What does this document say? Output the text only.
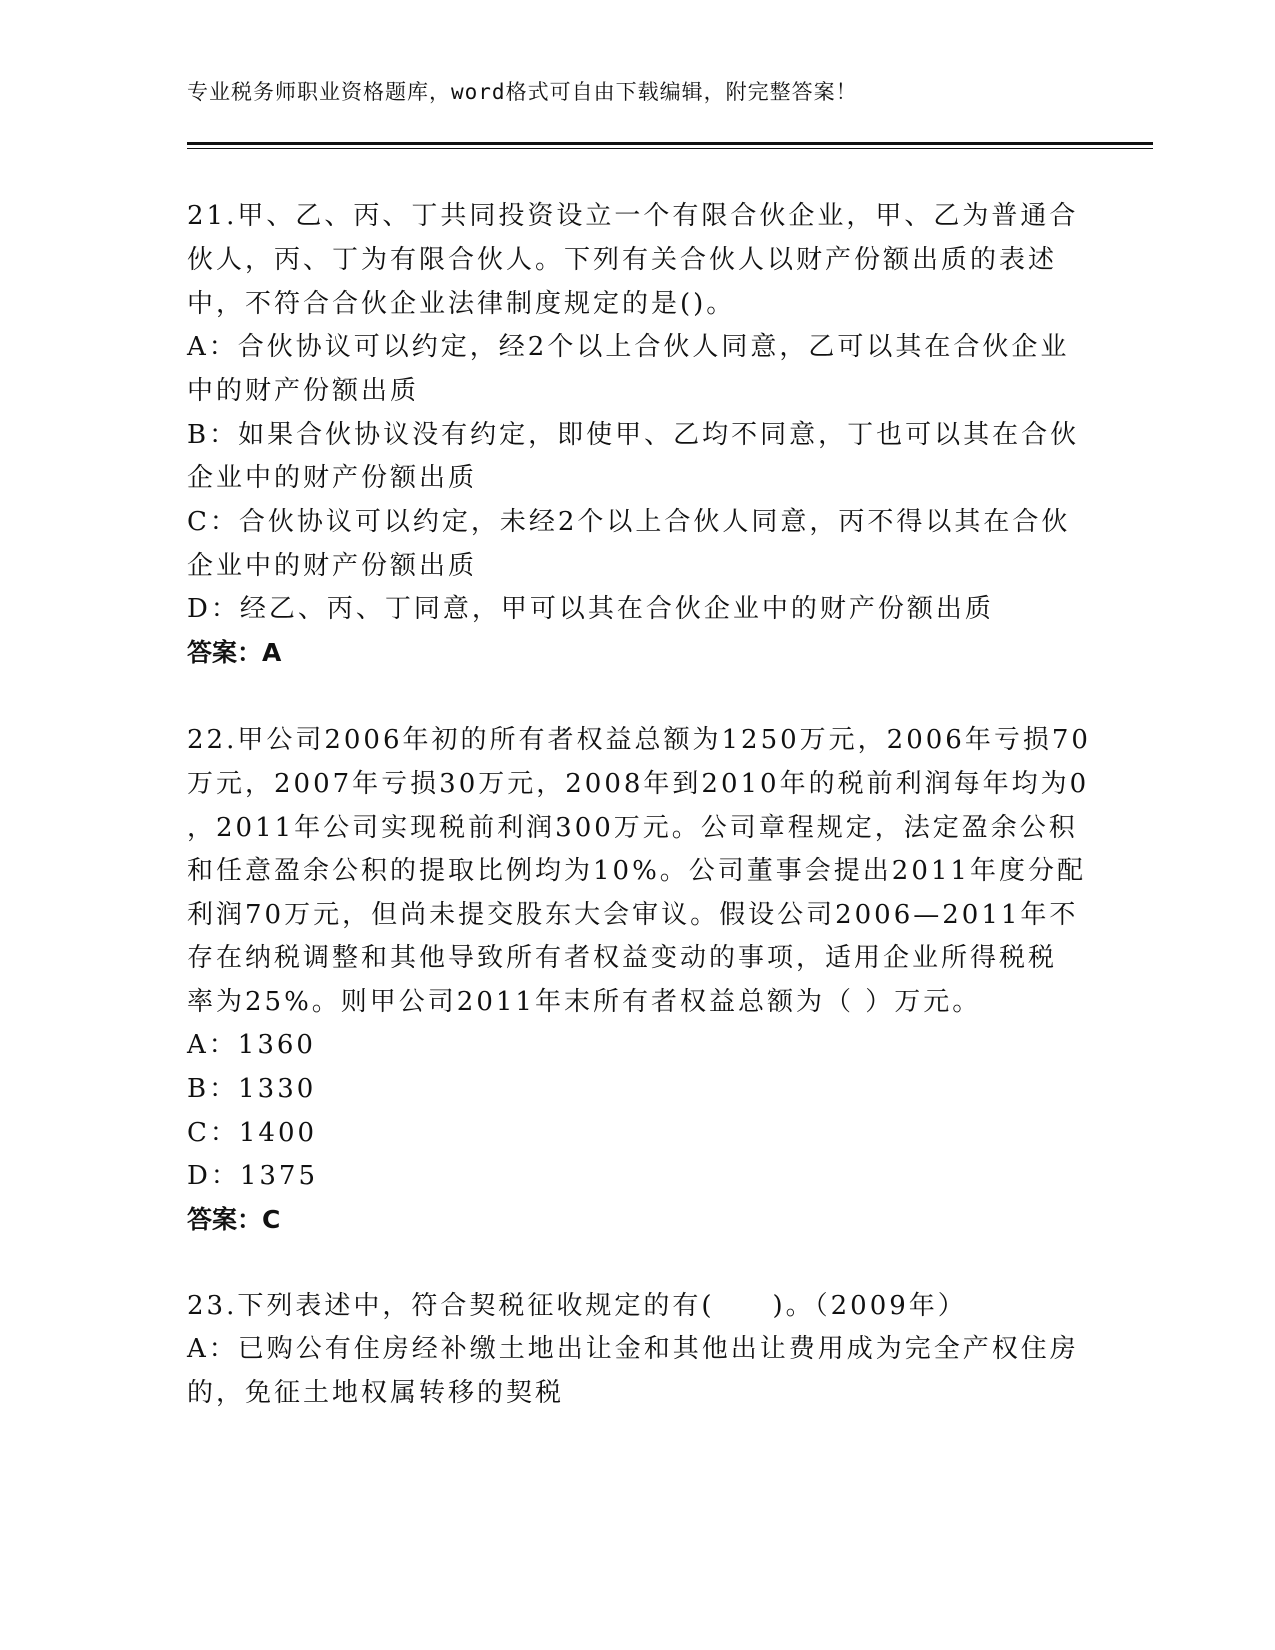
专业税务师职业资格题库，word格式可自由下载编辑，附完整答案！
21.甲、乙、丙、丁共同投资设立一个有限合伙企业，甲、乙为普通合
伙人，丙、丁为有限合伙人。下列有关合伙人以财产份额出质的表述
中，不符合合伙企业法律制度规定的是()。
A：合伙协议可以约定，经2个以上合伙人同意，乙可以其在合伙企业
中的财产份额出质
B：如果合伙协议没有约定，即使甲、乙均不同意，丁也可以其在合伙
企业中的财产份额出质
C：合伙协议可以约定，未经2个以上合伙人同意，丙不得以其在合伙
企业中的财产份额出质
D：经乙、丙、丁同意，甲可以其在合伙企业中的财产份额出质
答案：A
22.甲公司2006年初的所有者权益总额为1250万元，2006年亏损70
万元，2007年亏损30万元，2008年到2010年的税前利润每年均为0
，2011年公司实现税前利润300万元。公司章程规定，法定盈余公积
和任意盈余公积的提取比例均为10%。公司董事会提出2011年度分配
利润70万元，但尚未提交股东大会审议。假设公司2006—2011年不
存在纳税调整和其他导致所有者权益变动的事项，适用企业所得税税
率为25%。则甲公司2011年末所有者权益总额为（ ）万元。
A：1360
B：1330
C：1400
D：1375
答案：C
23.下列表述中，符合契税征收规定的有(　　)。（2009年）
A：已购公有住房经补缴土地出让金和其他出让费用成为完全产权住房
的，免征土地权属转移的契税
